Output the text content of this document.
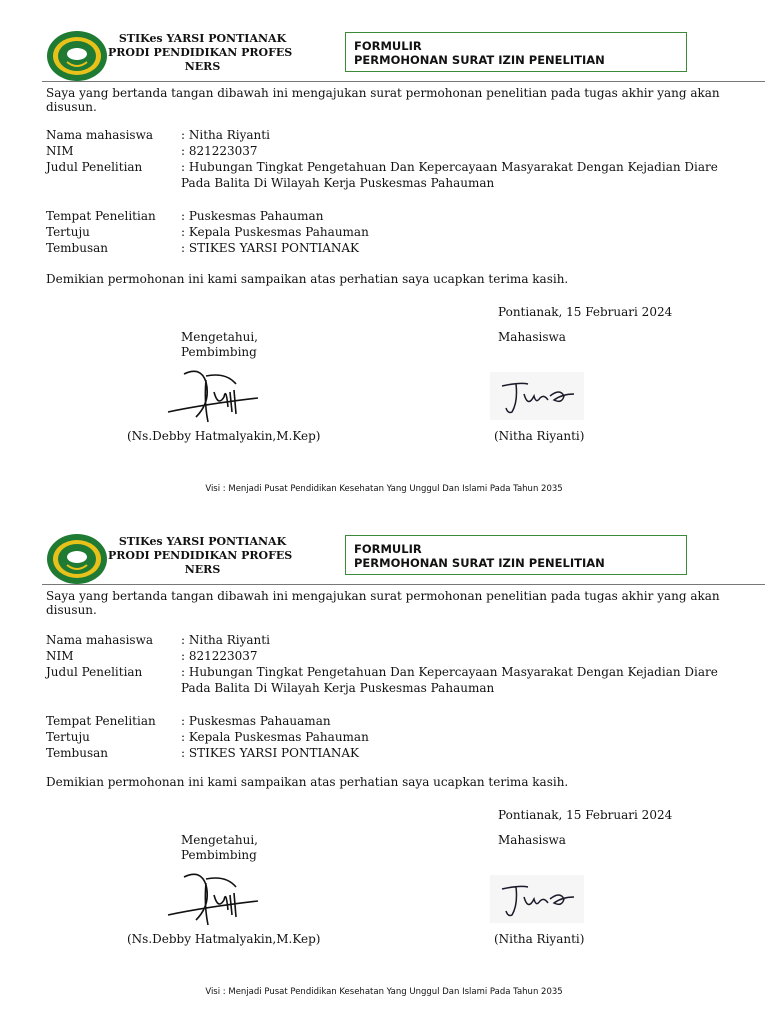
STIKes YARSI PONTIANAK
PRODI PENDIDIKAN PROFES
NERS
FORMULIR
PERMOHONAN SURAT IZIN PENELITIAN
Saya yang bertanda tangan dibawah ini mengajukan surat permohonan penelitian pada tugas akhir yang akan disusun.
Nama mahasiswa	: Nitha Riyanti
NIM	: 821223037
Judul Penelitian	: Hubungan Tingkat Pengetahuan Dan Kepercayaan Masyarakat Dengan Kejadian Diare Pada Balita Di Wilayah Kerja Puskesmas Pahauman
Tempat Penelitian	: Puskesmas Pahauman
Tertuju	: Kepala Puskesmas Pahauman
Tembusan	: STIKES YARSI PONTIANAK
Demikian permohonan ini kami sampaikan atas perhatian saya ucapkan terima kasih.
Pontianak, 15 Februari 2024
Mengetahui,
Pembimbing
Mahasiswa
(Ns.Debby Hatmalyakin,M.Kep)	(Nitha Riyanti)
Visi : Menjadi Pusat Pendidikan Kesehatan Yang Unggul Dan Islami Pada Tahun 2035
STIKes YARSI PONTIANAK
PRODI PENDIDIKAN PROFES
NERS
FORMULIR
PERMOHONAN SURAT IZIN PENELITIAN
Saya yang bertanda tangan dibawah ini mengajukan surat permohonan penelitian pada tugas akhir yang akan disusun.
Nama mahasiswa	: Nitha Riyanti
NIM	: 821223037
Judul Penelitian	: Hubungan Tingkat Pengetahuan Dan Kepercayaan Masyarakat Dengan Kejadian Diare Pada Balita Di Wilayah Kerja Puskesmas Pahauman
Tempat Penelitian	: Puskesmas Pahauaman
Tertuju	: Kepala Puskesmas Pahauman
Tembusan	: STIKES YARSI PONTIANAK
Demikian permohonan ini kami sampaikan atas perhatian saya ucapkan terima kasih.
Pontianak, 15 Februari 2024
Mengetahui,
Pembimbing
Mahasiswa
(Ns.Debby Hatmalyakin,M.Kep)	(Nitha Riyanti)
Visi : Menjadi Pusat Pendidikan Kesehatan Yang Unggul Dan Islami Pada Tahun 2035
